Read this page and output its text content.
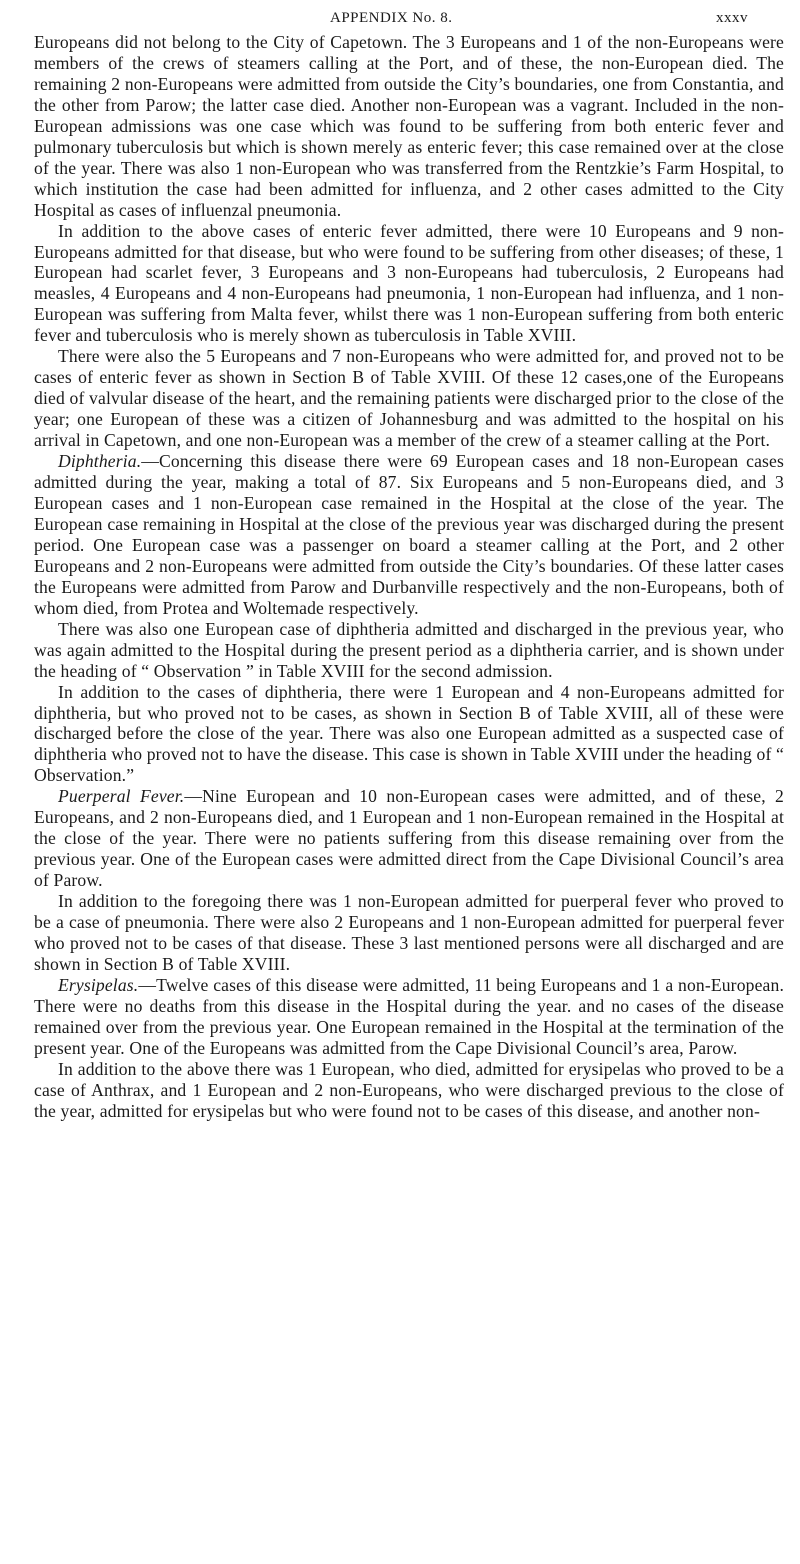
APPENDIX No. 8.	xxxv

Europeans did not belong to the City of Capetown. The 3 Europeans and 1 of the non-Europeans were members of the crews of steamers calling at the Port, and of these, the non-European died. The remaining 2 non-Europeans were admitted from outside the City’s boundaries, one from Constantia, and the other from Parow; the latter case died. Another non-European was a vagrant. Included in the non-European admissions was one case which was found to be suffering from both enteric fever and pulmonary tuberculosis but which is shown merely as enteric fever; this case remained over at the close of the year. There was also 1 non-European who was transferred from the Rentzkie’s Farm Hospital, to which institution the case had been admitted for influenza, and 2 other cases admitted to the City Hospital as cases of influenzal pneumonia.

In addition to the above cases of enteric fever admitted, there were 10 Europeans and 9 non-Europeans admitted for that disease, but who were found to be suffering from other diseases; of these, 1 European had scarlet fever, 3 Europeans and 3 non-Europeans had tuberculosis, 2 Europeans had measles, 4 Europeans and 4 non-Europeans had pneumonia, 1 non-European had influenza, and 1 non-European was suffering from Malta fever, whilst there was 1 non-European suffering from both enteric fever and tuberculosis who is merely shown as tuberculosis in Table XVIII.

There were also the 5 Europeans and 7 non-Europeans who were admitted for, and proved not to be cases of enteric fever as shown in Section B of Table XVIII. Of these 12 cases,one of the Europeans died of valvular disease of the heart, and the remaining patients were discharged prior to the close of the year; one European of these was a citizen of Johannesburg and was admitted to the hospital on his arrival in Capetown, and one non-European was a member of the crew of a steamer calling at the Port.

Diphtheria.—Concerning this disease there were 69 European cases and 18 non-European cases admitted during the year, making a total of 87. Six Europeans and 5 non-Europeans died, and 3 European cases and 1 non-European case remained in the Hospital at the close of the year. The European case remaining in Hospital at the close of the previous year was discharged during the present period. One European case was a passenger on board a steamer calling at the Port, and 2 other Europeans and 2 non-Europeans were admitted from outside the City’s boundaries. Of these latter cases the Europeans were admitted from Parow and Durbanville respectively and the non-Europeans, both of whom died, from Protea and Woltemade respectively.

There was also one European case of diphtheria admitted and discharged in the previous year, who was again admitted to the Hospital during the present period as a diphtheria carrier, and is shown under the heading of “ Observation ” in Table XVIII for the second admission.

In addition to the cases of diphtheria, there were 1 European and 4 non-Europeans admitted for diphtheria, but who proved not to be cases, as shown in Section B of Table XVIII, all of these were discharged before the close of the year. There was also one European admitted as a suspected case of diphtheria who proved not to have the disease. This case is shown in Table XVIII under the heading of “ Observation.”

Puerperal Fever.—Nine European and 10 non-European cases were admitted, and of these, 2 Europeans, and 2 non-Europeans died, and 1 European and 1 non-European remained in the Hospital at the close of the year. There were no patients suffering from this disease remaining over from the previous year. One of the European cases were admitted direct from the Cape Divisional Council’s area of Parow.

In addition to the foregoing there was 1 non-European admitted for puerperal fever who proved to be a case of pneumonia. There were also 2 Europeans and 1 non-European admitted for puerperal fever who proved not to be cases of that disease. These 3 last mentioned persons were all discharged and are shown in Section B of Table XVIII.

Erysipelas.—Twelve cases of this disease were admitted, 11 being Europeans and 1 a non-European. There were no deaths from this disease in the Hospital during the year. and no cases of the disease remained over from the previous year. One European remained in the Hospital at the termination of the present year. One of the Europeans was admitted from the Cape Divisional Council’s area, Parow.

In addition to the above there was 1 European, who died, admitted for erysipelas who proved to be a case of Anthrax, and 1 European and 2 non-Europeans, who were discharged previous to the close of the year, admitted for erysipelas but who were found not to be cases of this disease, and another non-
